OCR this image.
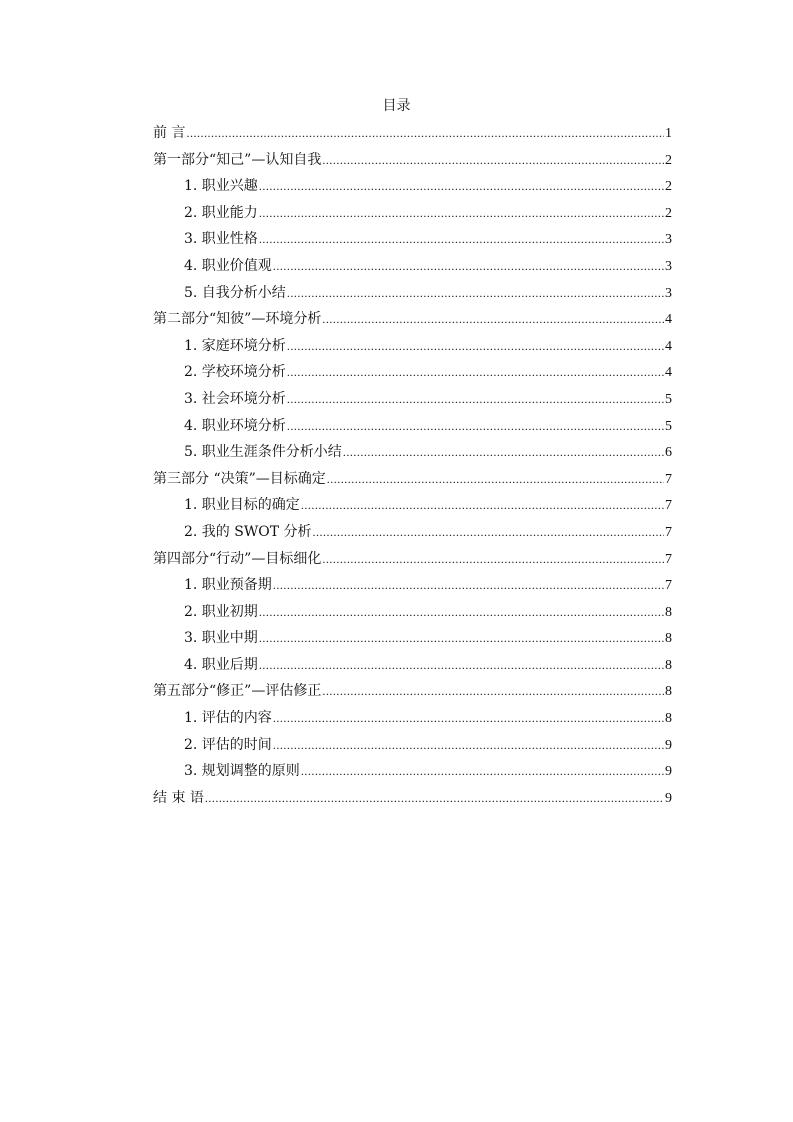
目录
前 言 .....	1
第一部分“知己”—认知自我 .....	2
1. 职业兴趣 .....	2
2. 职业能力 .....	2
3. 职业性格 .....	3
4. 职业价值观 .....	3
5. 自我分析小结 .....	3
第二部分“知彼”—环境分析 .....	4
1. 家庭环境分析 .....	4
2. 学校环境分析 .....	4
3. 社会环境分析 .....	5
4. 职业环境分析 .....	5
5. 职业生涯条件分析小结 .....	6
第三部分 “决策”—目标确定 .....	7
1. 职业目标的确定 .....	7
2. 我的 SWOT 分析 .....	7
第四部分“行动”—目标细化 .....	7
1. 职业预备期 .....	7
2. 职业初期 .....	8
3. 职业中期 .....	8
4. 职业后期 .....	8
第五部分“修正”—评估修正 .....	8
1. 评估的内容 .....	8
2. 评估的时间 .....	9
3. 规划调整的原则 .....	9
结 束 语 .....	9
